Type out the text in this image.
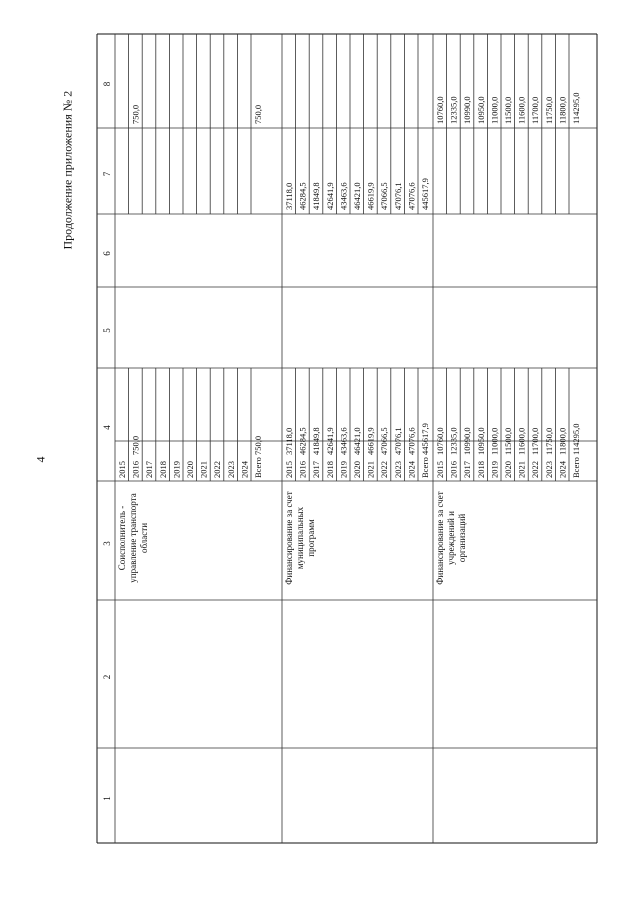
4
Продолжение приложения № 2
1
2
3
4
5
6
7
8
Соисполнитель - управление транспорта области
2015 2016
750,0
750,0
2017 2018 2019 2020 2021 2022 2023 2024 Всего
750,0
750,0
Финансирование за счет муниципальных программ
2015
37118,0
37118,0
2016
46284,5
46284,5
2017
41849,8
41849,8
2018
42641,9
42641,9
2019
43463,6
43463,6
2020
46421,0
46421,0
2021
46619,9
46619,9
2022
47066,5
47066,5
2023
47076,1
47076,1
2024
47076,6
47076,6
Всего
445617,9
445617,9
Финансирование за счет учреждений и организаций
2015
10760,0
10760,0
2016
12335,0
12335,0
2017
10990,0
10990,0
2018
10950,0
10950,0
2019
11000,0
11000,0
2020
11500,0
11500,0
2021
11600,0
11600,0
2022
11700,0
11700,0
2023
11750,0
11750,0
2024
11800,0
11800,0
Всего
114295,0
114295,0
